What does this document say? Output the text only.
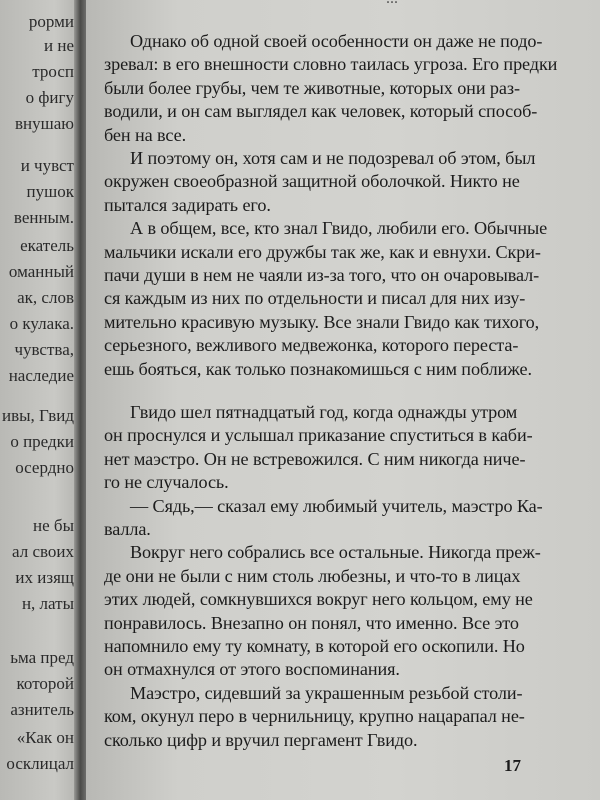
рорми
и не
тросп
о фигу
внушаю
и чувст
пушок
венным.
екатель
оманный
ак, слов
о кулака.
чувства,
наследие
ивы, Гвид
о предки
осердно
не бы
ал своих
их изящ
н, латы
ьма пред
которой
азнитель
«Как он
осклицал
Однако об одной своей особенности он даже не подо-
зревал: в его внешности словно таилась угроза. Его предки
были более грубы, чем те животные, которых они раз-
водили, и он сам выглядел как человек, который способ-
бен на все.
И поэтому он, хотя сам и не подозревал об этом, был
окружен своеобразной защитной оболочкой. Никто не
пытался задирать его.
А в общем, все, кто знал Гвидо, любили его. Обычные
мальчики искали его дружбы так же, как и евнухи. Скри-
пачи души в нем не чаяли из-за того, что он очаровывал-
ся каждым из них по отдельности и писал для них изу-
мительно красивую музыку. Все знали Гвидо как тихого,
серьезного, вежливого медвежонка, которого переста-
ешь бояться, как только познакомишься с ним поближе.
Гвидо шел пятнадцатый год, когда однажды утром
он проснулся и услышал приказание спуститься в каби-
нет маэстро. Он не встревожился. С ним никогда ниче-
го не случалось.
— Сядь,— сказал ему любимый учитель, маэстро Ка-
валла.
Вокруг него собрались все остальные. Никогда преж-
де они не были с ним столь любезны, и что-то в лицах
этих людей, сомкнувшихся вокруг него кольцом, ему не
понравилось. Внезапно он понял, что именно. Все это
напомнило ему ту комнату, в которой его оскопили. Но
он отмахнулся от этого воспоминания.
Маэстро, сидевший за украшенным резьбой столи-
ком, окунул перо в чернильницу, крупно нацарапал не-
сколько цифр и вручил пергамент Гвидо.
17
